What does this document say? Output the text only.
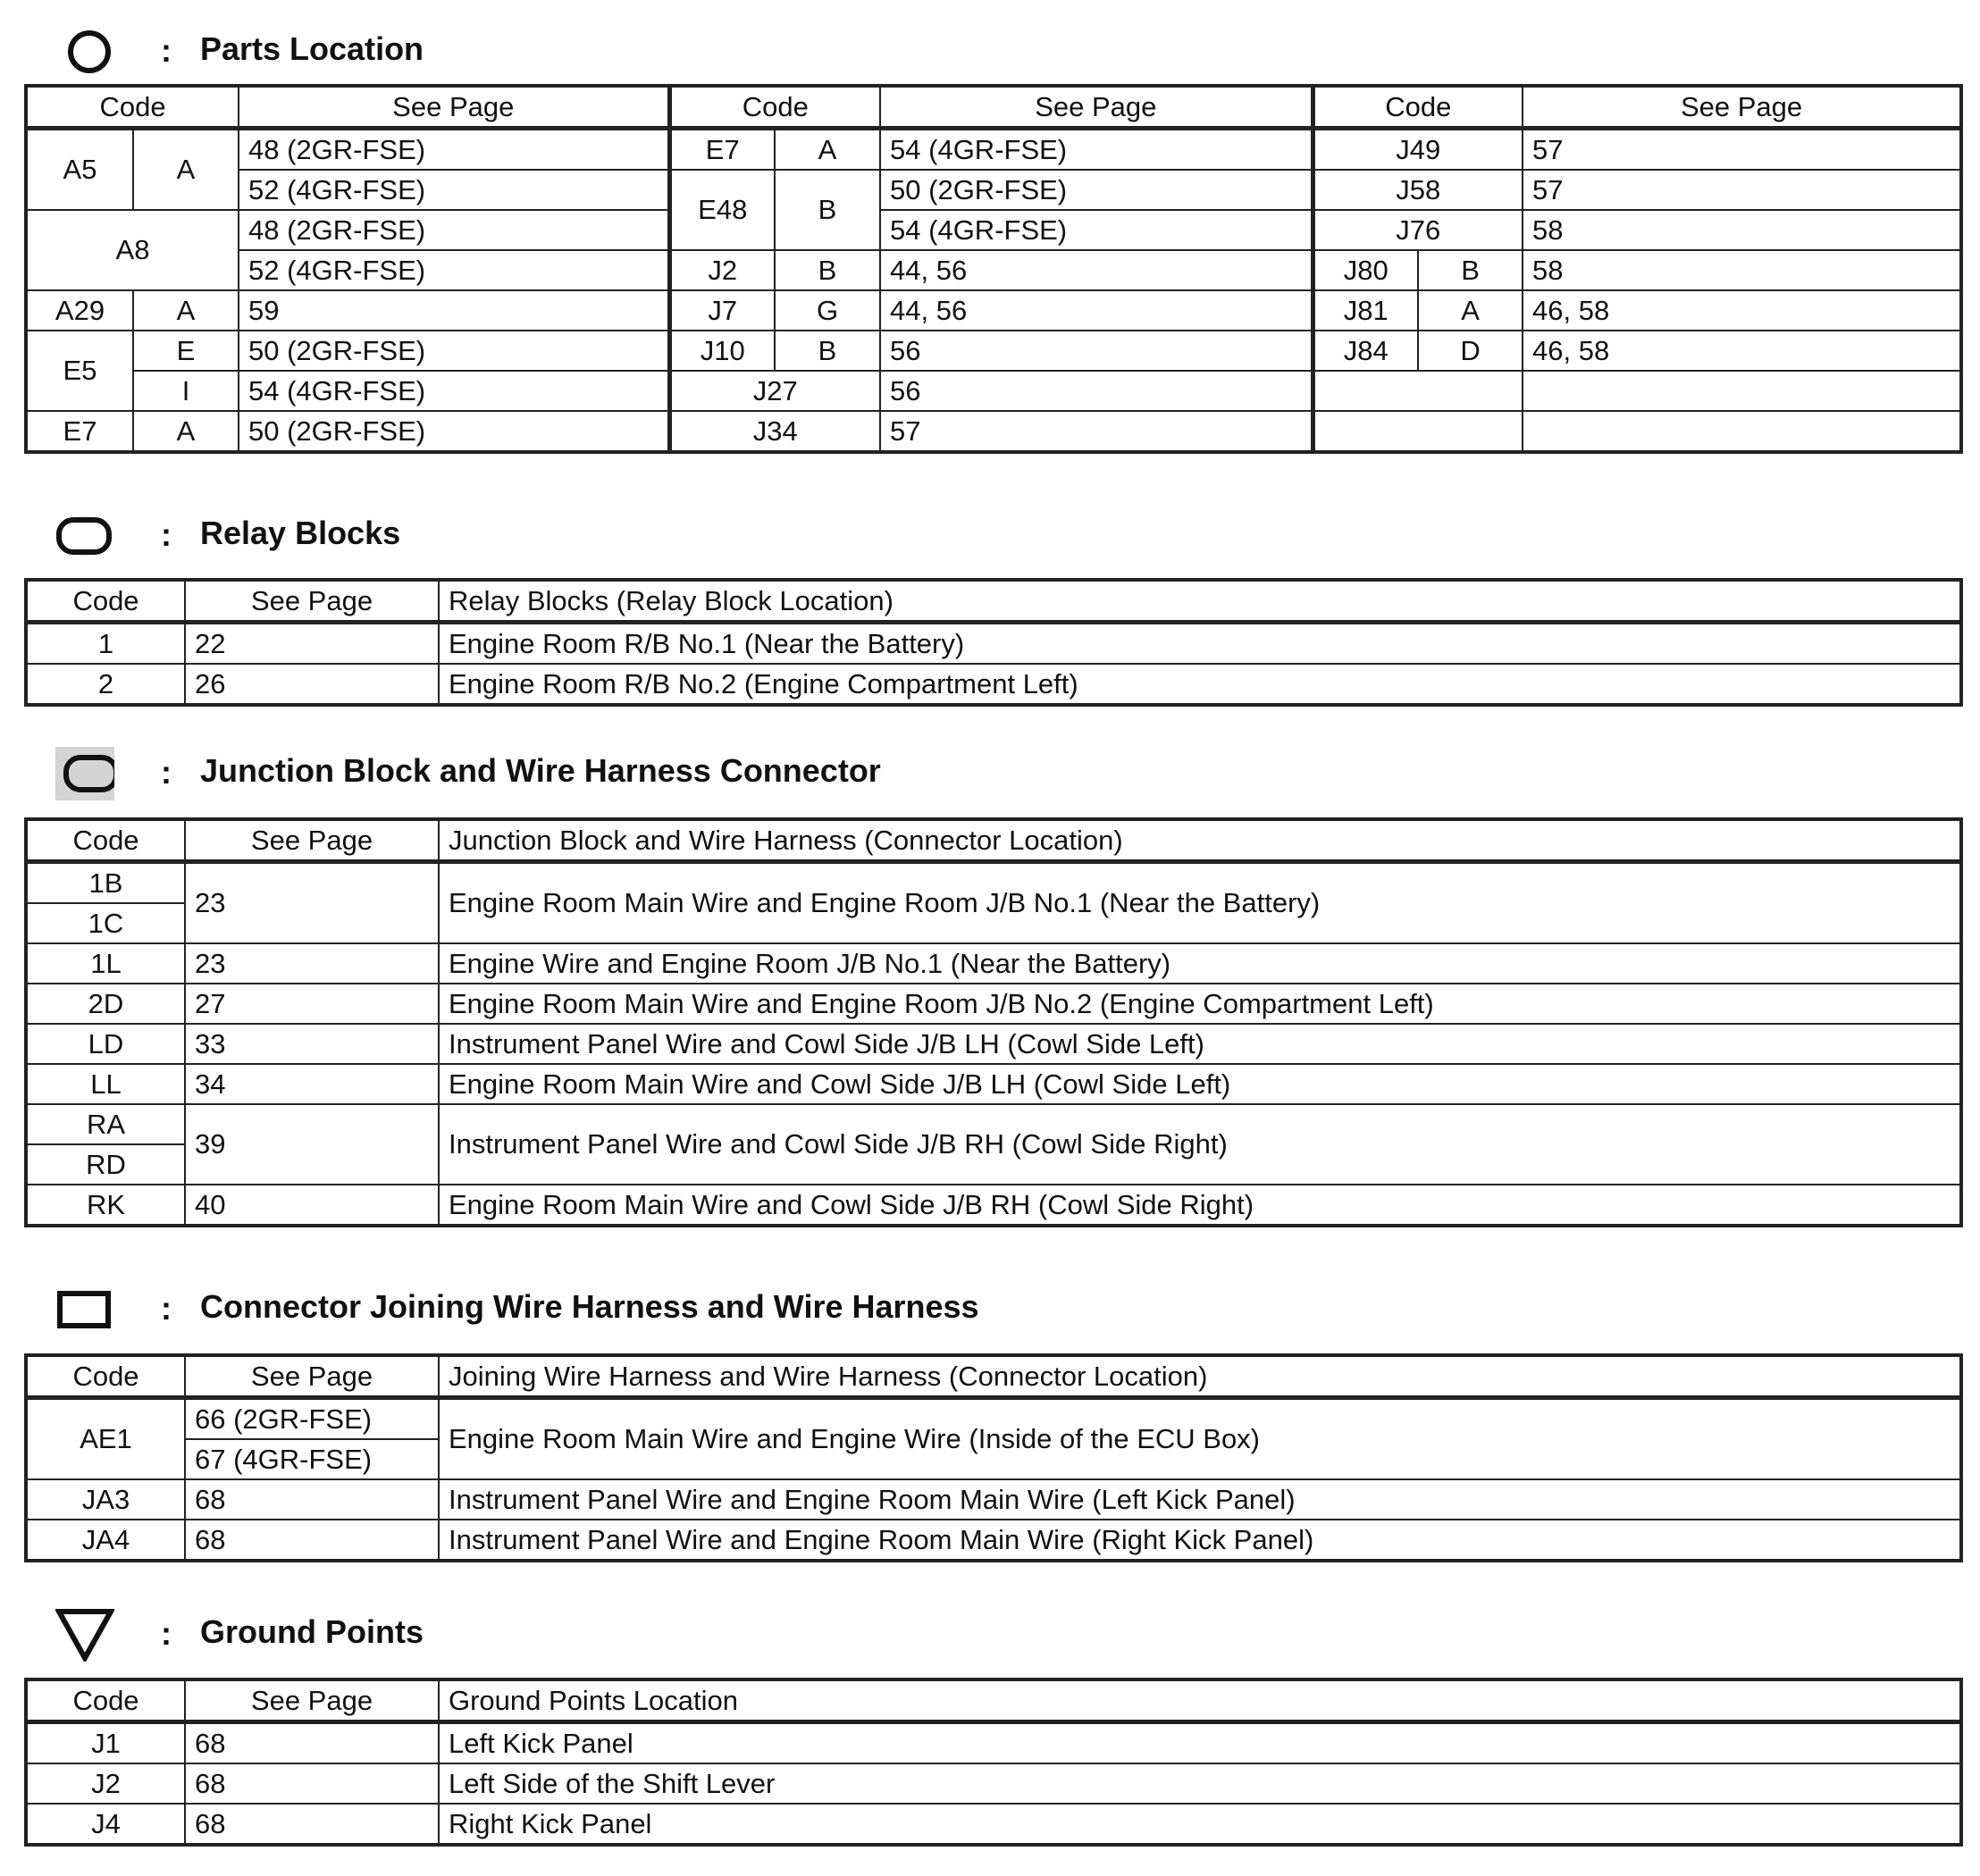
: Parts Location
Code		See Page	Code		See Page	Code		See Page
A5	A	48 (2GR-FSE)	E7	A	54 (4GR-FSE)	J49		57
		52 (4GR-FSE)	E48	B	50 (2GR-FSE)	J58		57
A8		48 (2GR-FSE)			54 (4GR-FSE)	J76		58
		52 (4GR-FSE)	J2	B	44, 56	J80	B	58
A29	A	59	J7	G	44, 56	J81	A	46, 58
E5	E	50 (2GR-FSE)	J10	B	56	J84	D	46, 58
	I	54 (4GR-FSE)	J27		56			
E7	A	50 (2GR-FSE)	J34		57			
: Relay Blocks
Code	See Page	Relay Blocks (Relay Block Location)
1	22	Engine Room R/B No.1 (Near the Battery)
2	26	Engine Room R/B No.2 (Engine Compartment Left)
: Junction Block and Wire Harness Connector
Code	See Page	Junction Block and Wire Harness (Connector Location)
1B	23	Engine Room Main Wire and Engine Room J/B No.1 (Near the Battery)
1C		
1L	23	Engine Wire and Engine Room J/B No.1 (Near the Battery)
2D	27	Engine Room Main Wire and Engine Room J/B No.2 (Engine Compartment Left)
LD	33	Instrument Panel Wire and Cowl Side J/B LH (Cowl Side Left)
LL	34	Engine Room Main Wire and Cowl Side J/B LH (Cowl Side Left)
RA	39	Instrument Panel Wire and Cowl Side J/B RH (Cowl Side Right)
RD		
RK	40	Engine Room Main Wire and Cowl Side J/B RH (Cowl Side Right)
: Connector Joining Wire Harness and Wire Harness
Code	See Page	Joining Wire Harness and Wire Harness (Connector Location)
AE1	66 (2GR-FSE)	Engine Room Main Wire and Engine Wire (Inside of the ECU Box)
	67 (4GR-FSE)	
JA3	68	Instrument Panel Wire and Engine Room Main Wire (Left Kick Panel)
JA4	68	Instrument Panel Wire and Engine Room Main Wire (Right Kick Panel)
: Ground Points
Code	See Page	Ground Points Location
J1	68	Left Kick Panel
J2	68	Left Side of the Shift Lever
J4	68	Right Kick Panel
